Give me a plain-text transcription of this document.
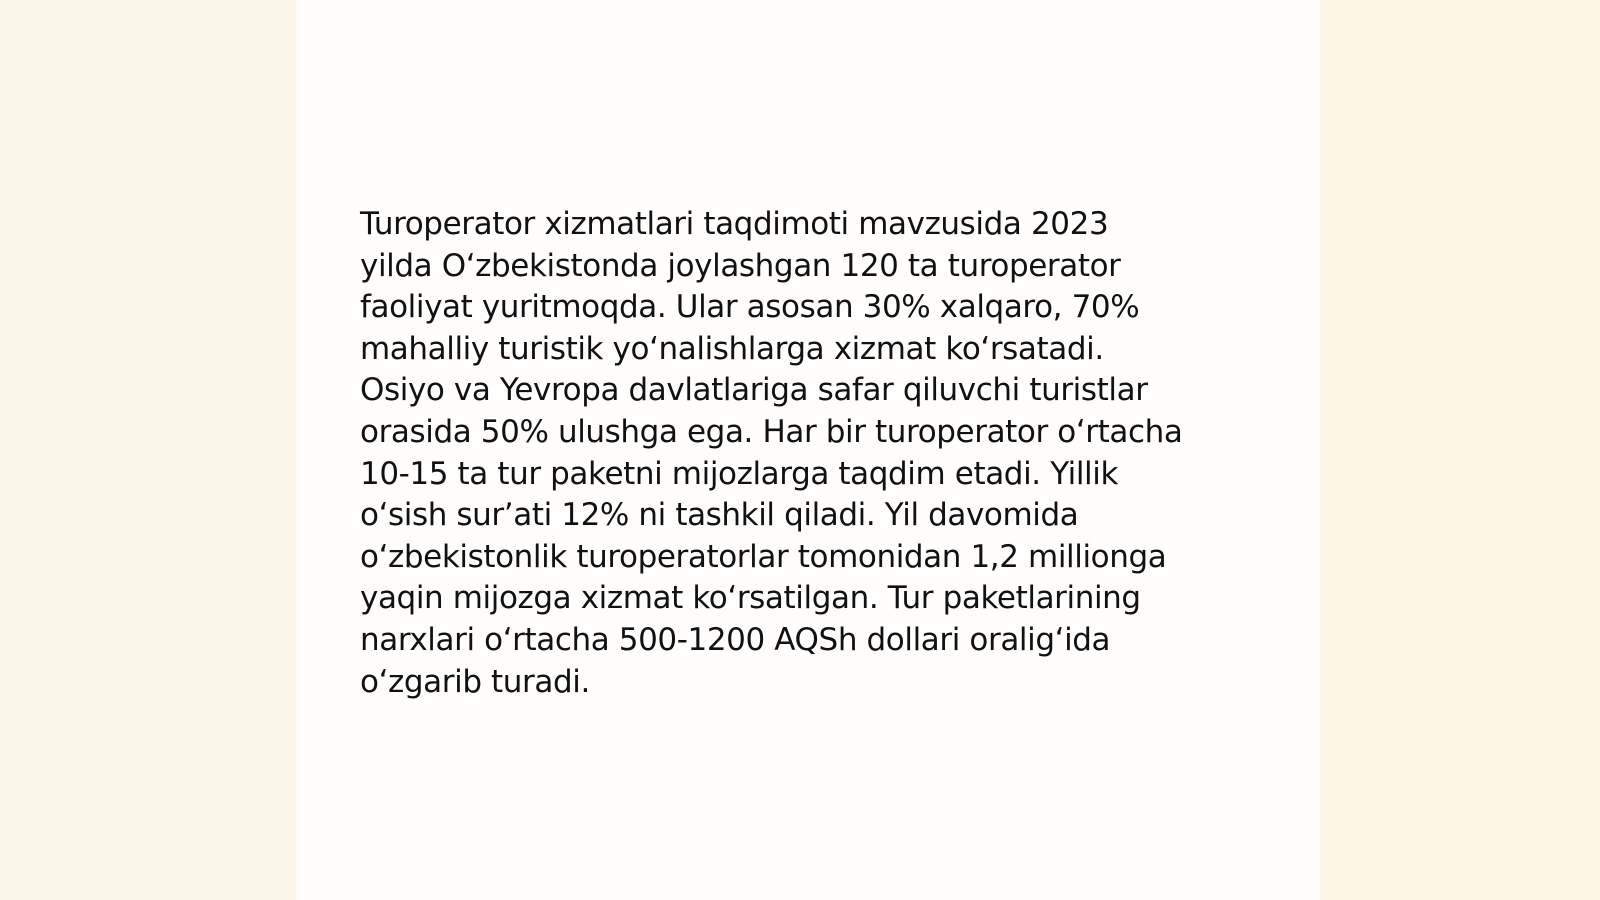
Turoperator xizmatlari taqdimoti mavzusida 2023
yilda O‘zbekistonda joylashgan 120 ta turoperator
faoliyat yuritmoqda. Ular asosan 30% xalqaro, 70%
mahalliy turistik yo‘nalishlarga xizmat ko‘rsatadi.
Osiyo va Yevropa davlatlariga safar qiluvchi turistlar
orasida 50% ulushga ega. Har bir turoperator o‘rtacha
10-15 ta tur paketni mijozlarga taqdim etadi. Yillik
o‘sish sur’ati 12% ni tashkil qiladi. Yil davomida
o‘zbekistonlik turoperatorlar tomonidan 1,2 millionga
yaqin mijozga xizmat ko‘rsatilgan. Tur paketlarining
narxlari o‘rtacha 500-1200 AQSh dollari oralig‘ida
o‘zgarib turadi.
